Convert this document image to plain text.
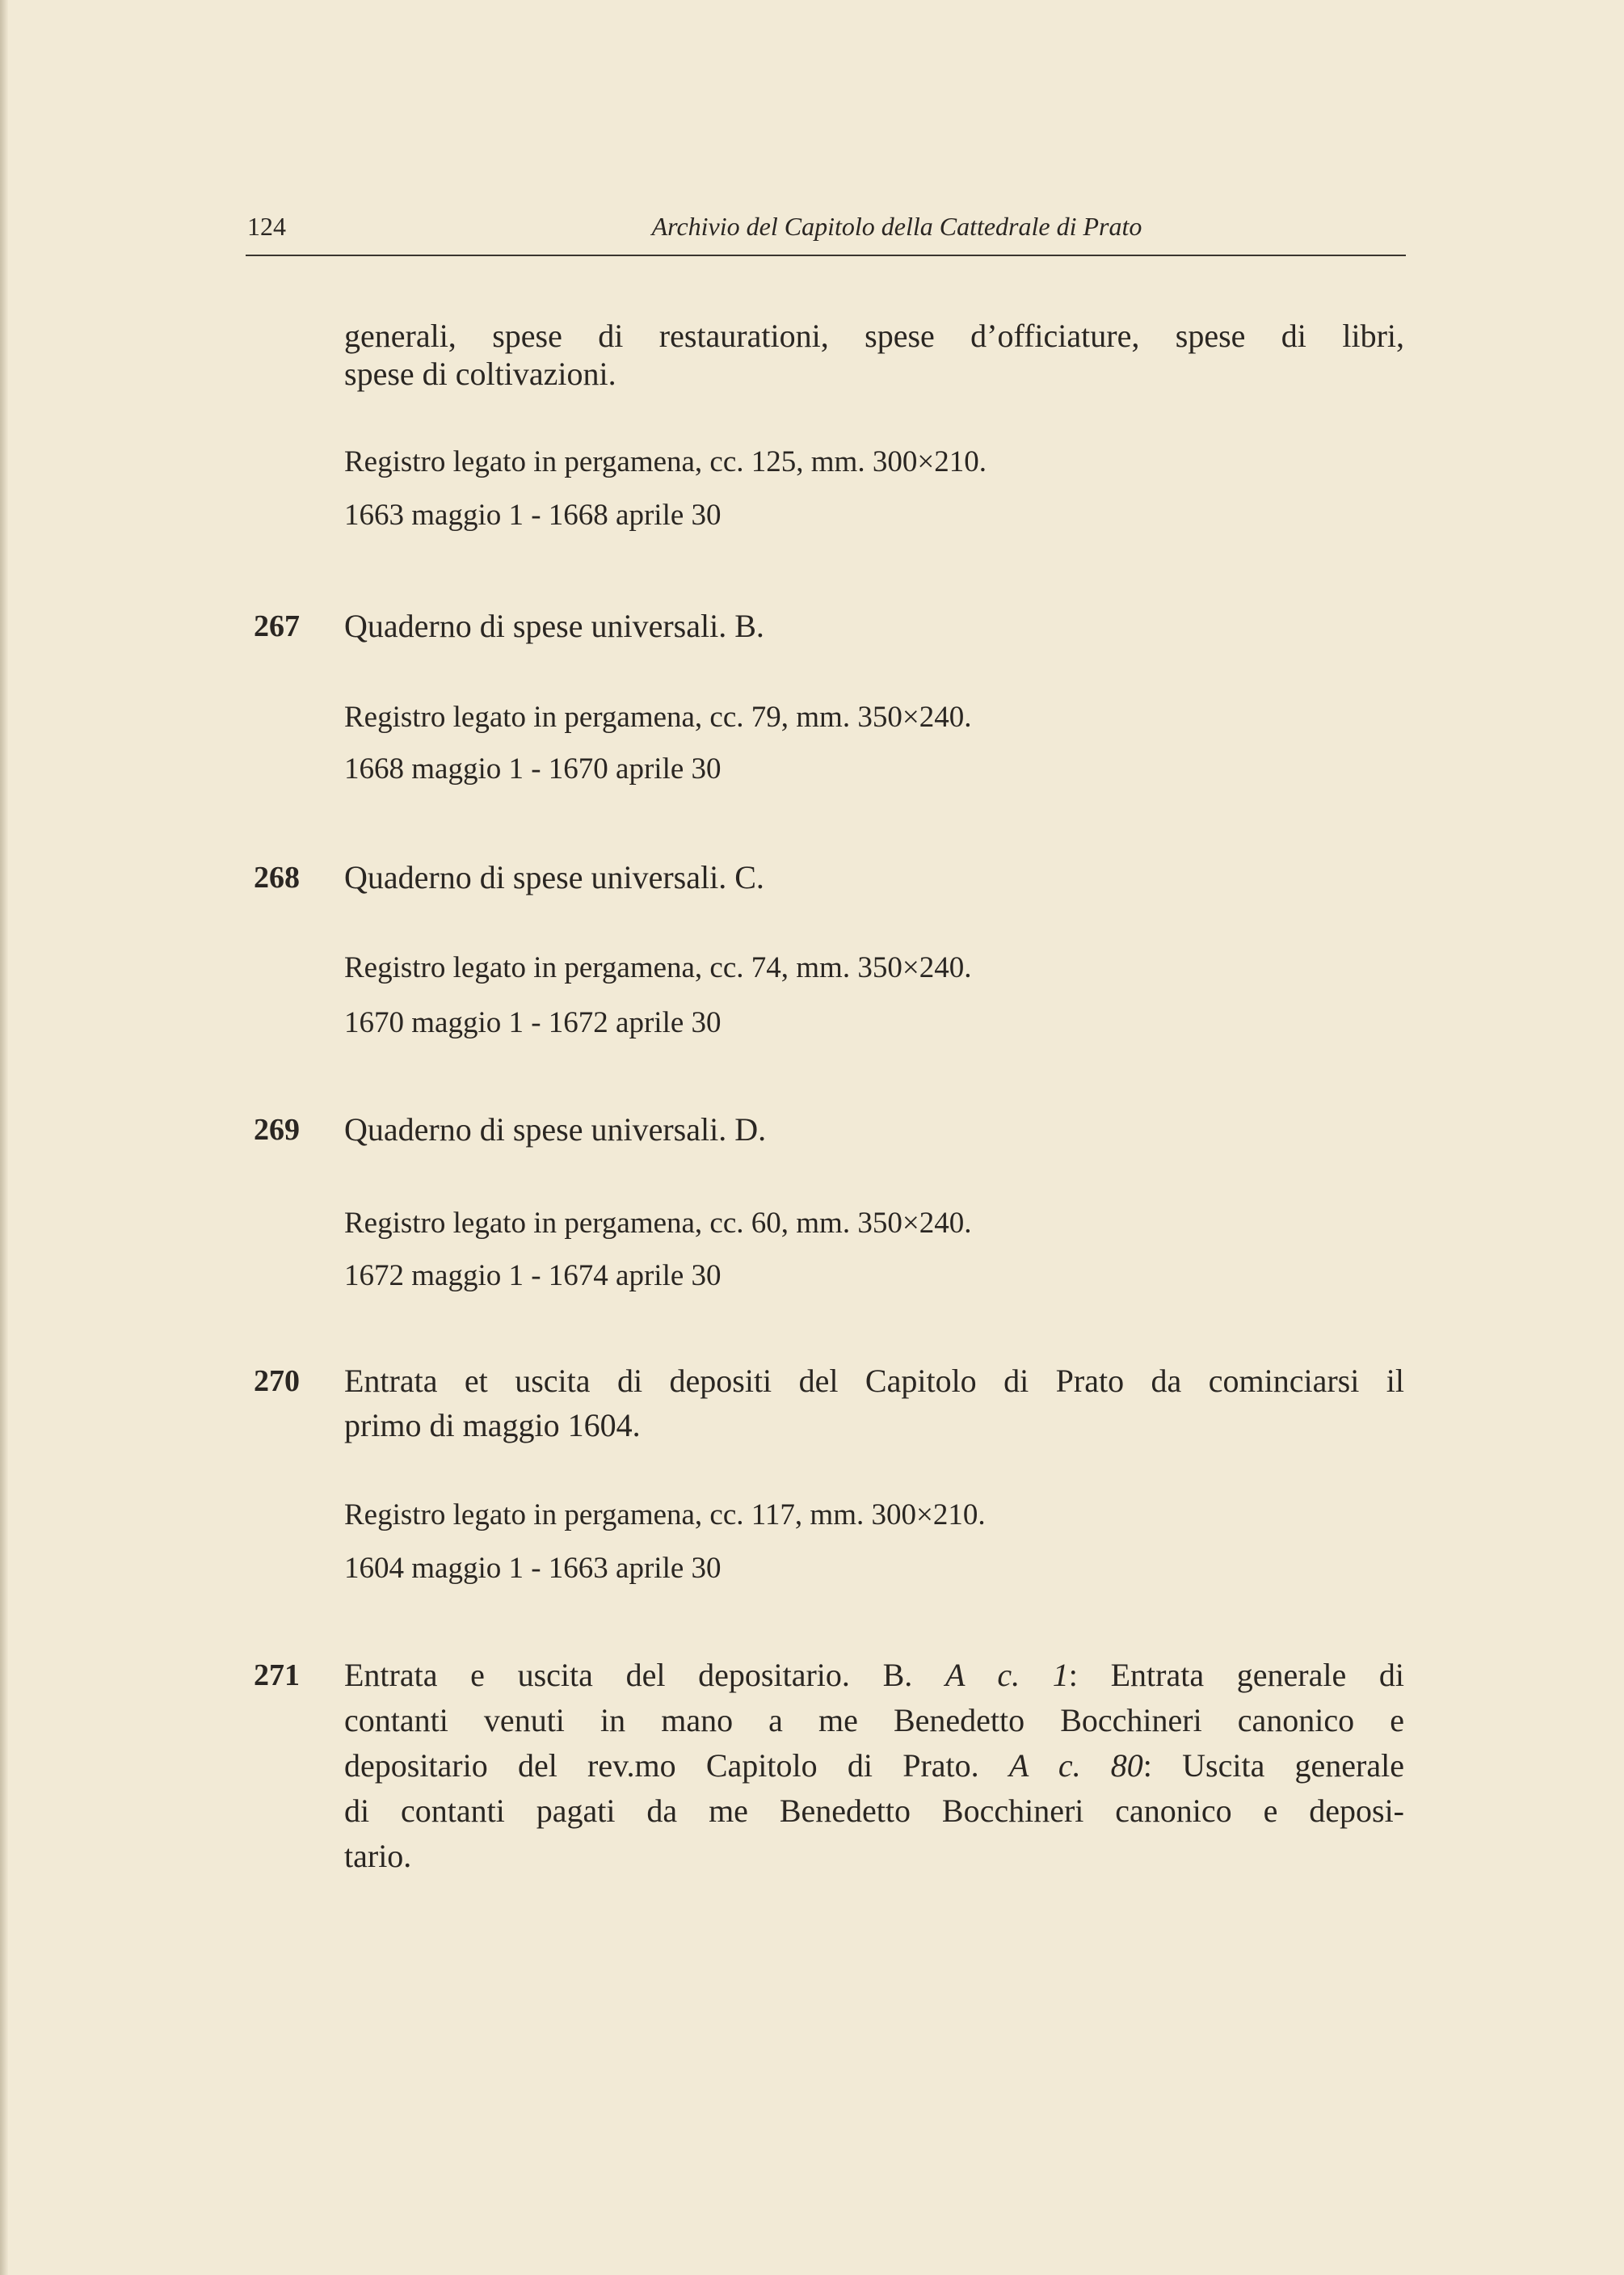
124	Archivio del Capitolo della Cattedrale di Prato
generali, spese di restaurationi, spese d’officiature, spese di libri,
spese di coltivazioni.
Registro legato in pergamena, cc. 125, mm. 300×210.
1663 maggio 1 - 1668 aprile 30
267 Quaderno di spese universali. B.
Registro legato in pergamena, cc. 79, mm. 350×240.
1668 maggio 1 - 1670 aprile 30
268 Quaderno di spese universali. C.
Registro legato in pergamena, cc. 74, mm. 350×240.
1670 maggio 1 - 1672 aprile 30
269 Quaderno di spese universali. D.
Registro legato in pergamena, cc. 60, mm. 350×240.
1672 maggio 1 - 1674 aprile 30
270 Entrata et uscita di depositi del Capitolo di Prato da cominciarsi il
primo di maggio 1604.
Registro legato in pergamena, cc. 117, mm. 300×210.
1604 maggio 1 - 1663 aprile 30
271 Entrata e uscita del depositario. B. A c. 1: Entrata generale di
contanti venuti in mano a me Benedetto Bocchineri canonico e
depositario del rev.mo Capitolo di Prato. A c. 80: Uscita generale
di contanti pagati da me Benedetto Bocchineri canonico e deposi-
tario.
